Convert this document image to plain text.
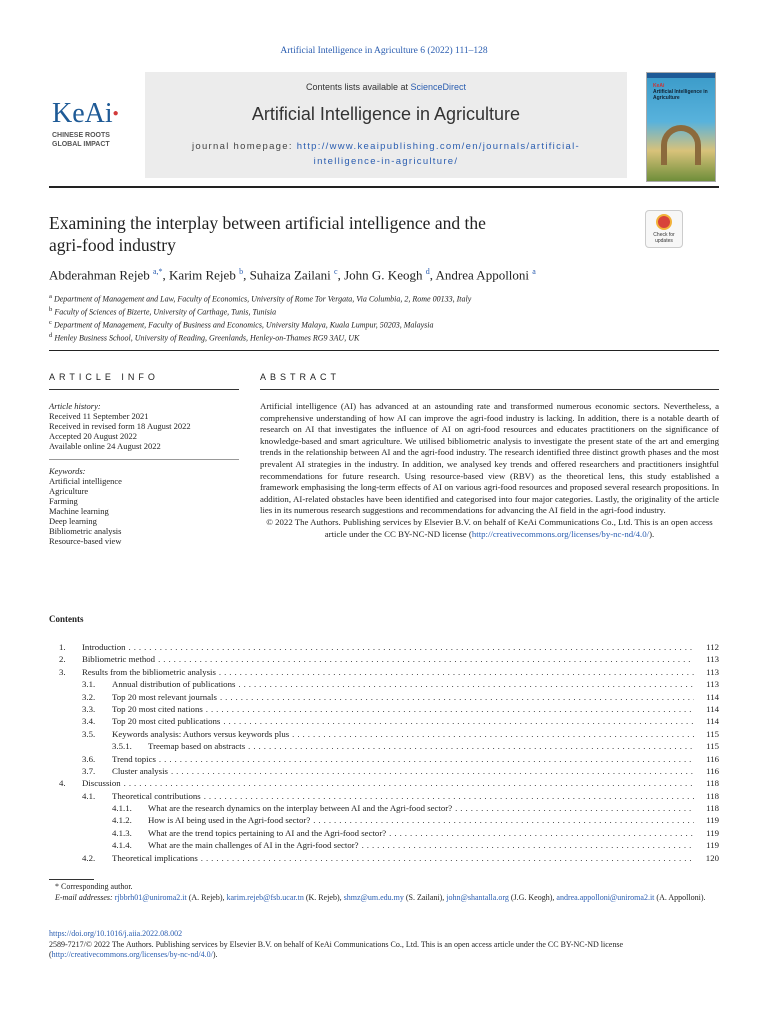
Artificial Intelligence in Agriculture 6 (2022) 111–128
KeAi●
CHINESE ROOTS
GLOBAL IMPACT
Contents lists available at ScienceDirect
Artificial Intelligence in Agriculture
journal homepage: http://www.keaipublishing.com/en/journals/artificial-intelligence-in-agriculture/
KeAi
Artificial Intelligence in Agriculture
Examining the interplay between artificial intelligence and the
agri-food industry	Check for updates
Abderahman Rejeb $^{a,*}$, Karim Rejeb $^b$, Suhaiza Zailani $^c$, John G. Keogh $^d$, Andrea Appolloni $^a$
$^a$ Department of Management and Law, Faculty of Economics, University of Rome Tor Vergata, Via Columbia, 2, Rome 00133, Italy
$^b$ Faculty of Sciences of Bizerte, University of Carthage, Tunis, Tunisia
$^c$ Department of Management, Faculty of Business and Economics, University Malaya, Kuala Lumpur, 50203, Malaysia
$^d$ Henley Business School, University of Reading, Greenlands, Henley-on-Thames RG9 3AU, UK
ARTICLE INFO
Article history:
Received 11 September 2021
Received in revised form 18 August 2022
Accepted 20 August 2022
Available online 24 August 2022
Keywords:
Artificial intelligence
Agriculture
Farming
Machine learning
Deep learning
Bibliometric analysis
Resource-based view
ABSTRACT

Artificial intelligence (AI) has advanced at an astounding rate and transformed numerous economic sectors. Nevertheless, a comprehensive understanding of how AI can improve the agri-food industry is lacking. In addition, there is a notable dearth of research on AI that investigates the influence of AI on agri-food resources and educates practitioners on the significance of knowledge-based and smart agriculture. We utilised bibliometric analysis to investigate the present state of the art and emerging trends in the relationship between AI and the agri-food industry. The research identified three distinct growth phases and the most prevalent AI strategies in the industry. In addition, we analysed key trends and offered researchers and practitioners insightful recommendations for future research. Using resource-based view (RBV) as the theoretical lens, this study established a framework emphasising the long-term effects of AI on various agri-food resources and proposed several research propositions. In addition, AI-related obstacles have been identified and categorised into four major categories. Lastly, the originality of the article lies in its numerous research suggestions and recommendations for advancing the AI field in the agri-food industry.

© 2022 The Authors. Publishing services by Elsevier B.V. on behalf of KeAi Communications Co., Ltd. This is an open access article under the CC BY-NC-ND license (http://creativecommons.org/licenses/by-nc-nd/4.0/).

Contents
1.	Introduction . . .	112
2.	Bibliometric method . . .	113
3.	Results from the bibliometric analysis . . .	113
3.1.	Annual distribution of publications . . .	113
3.2.	Top 20 most relevant journals . . .	114
3.3.	Top 20 most cited nations . . .	114
3.4.	Top 20 most cited publications . . .	114
3.5.	Keywords analysis: Authors versus keywords plus . . .	115
3.5.1.	Treemap based on abstracts . . .	115
3.6.	Trend topics . . .	116
3.7.	Cluster analysis . . .	116
4.	Discussion . . .	118
4.1.	Theoretical contributions . . .	118
4.1.1.	What are the research dynamics on the interplay between AI and the Agri-food sector? . . .	118
4.1.2.	How is AI being used in the Agri-food sector? . . .	119
4.1.3.	What are the trend topics pertaining to AI and the Agri-food sector? . . .	119
4.1.4.	What are the main challenges of AI in the Agri-food sector? . . .	119
4.2.	Theoretical implications . . .	120
* Corresponding author.
E-mail addresses: rjbbrh01@uniroma2.it (A. Rejeb), karim.rejeb@fsb.ucar.tn (K. Rejeb), shmz@um.edu.my (S. Zailani), john@shantalla.org (J.G. Keogh), andrea.appolloni@uniroma2.it (A. Appolloni).
https://doi.org/10.1016/j.aiia.2022.08.002
2589-7217/© 2022 The Authors. Publishing services by Elsevier B.V. on behalf of KeAi Communications Co., Ltd. This is an open access article under the CC BY-NC-ND license (http://creativecommons.org/licenses/by-nc-nd/4.0/).
